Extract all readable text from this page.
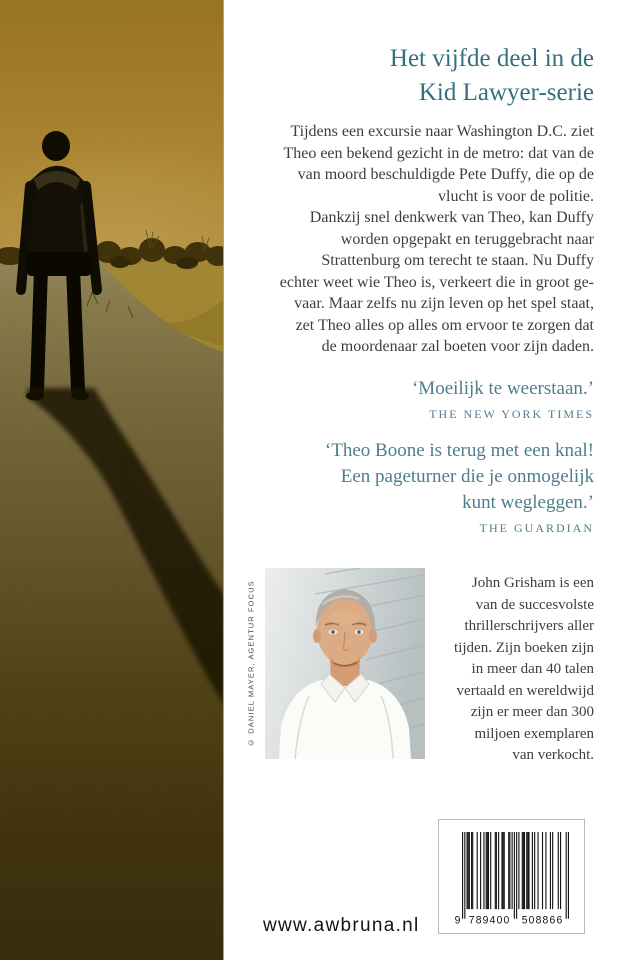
Het vijfde deel in de
Kid Lawyer-serie
Tijdens een excursie naar Washington D.C. ziet
Theo een bekend gezicht in de metro: dat van de
van moord beschuldigde Pete Duffy, die op de
vlucht is voor de politie.
Dankzij snel denkwerk van Theo, kan Duffy
worden opgepakt en teruggebracht naar
Strattenburg om terecht te staan. Nu Duffy
echter weet wie Theo is, verkeert die in groot ge-
vaar. Maar zelfs nu zijn leven op het spel staat,
zet Theo alles op alles om ervoor te zorgen dat
de moordenaar zal boeten voor zijn daden.
‘Moeilijk te weerstaan.’
THE NEW YORK TIMES
‘Theo Boone is terug met een knal!
Een pageturner die je onmogelijk
kunt wegleggen.’
THE GUARDIAN
© DANIEL MAYER, AGENTUR FOCUS	John Grisham is een
van de succesvolste
thrillerschrijvers aller
tijden. Zijn boeken zijn
in meer dan 40 talen
vertaald en wereldwijd
zijn er meer dan 300
miljoen exemplaren
van verkocht.
www.awbruna.nl	9 789400 508866
